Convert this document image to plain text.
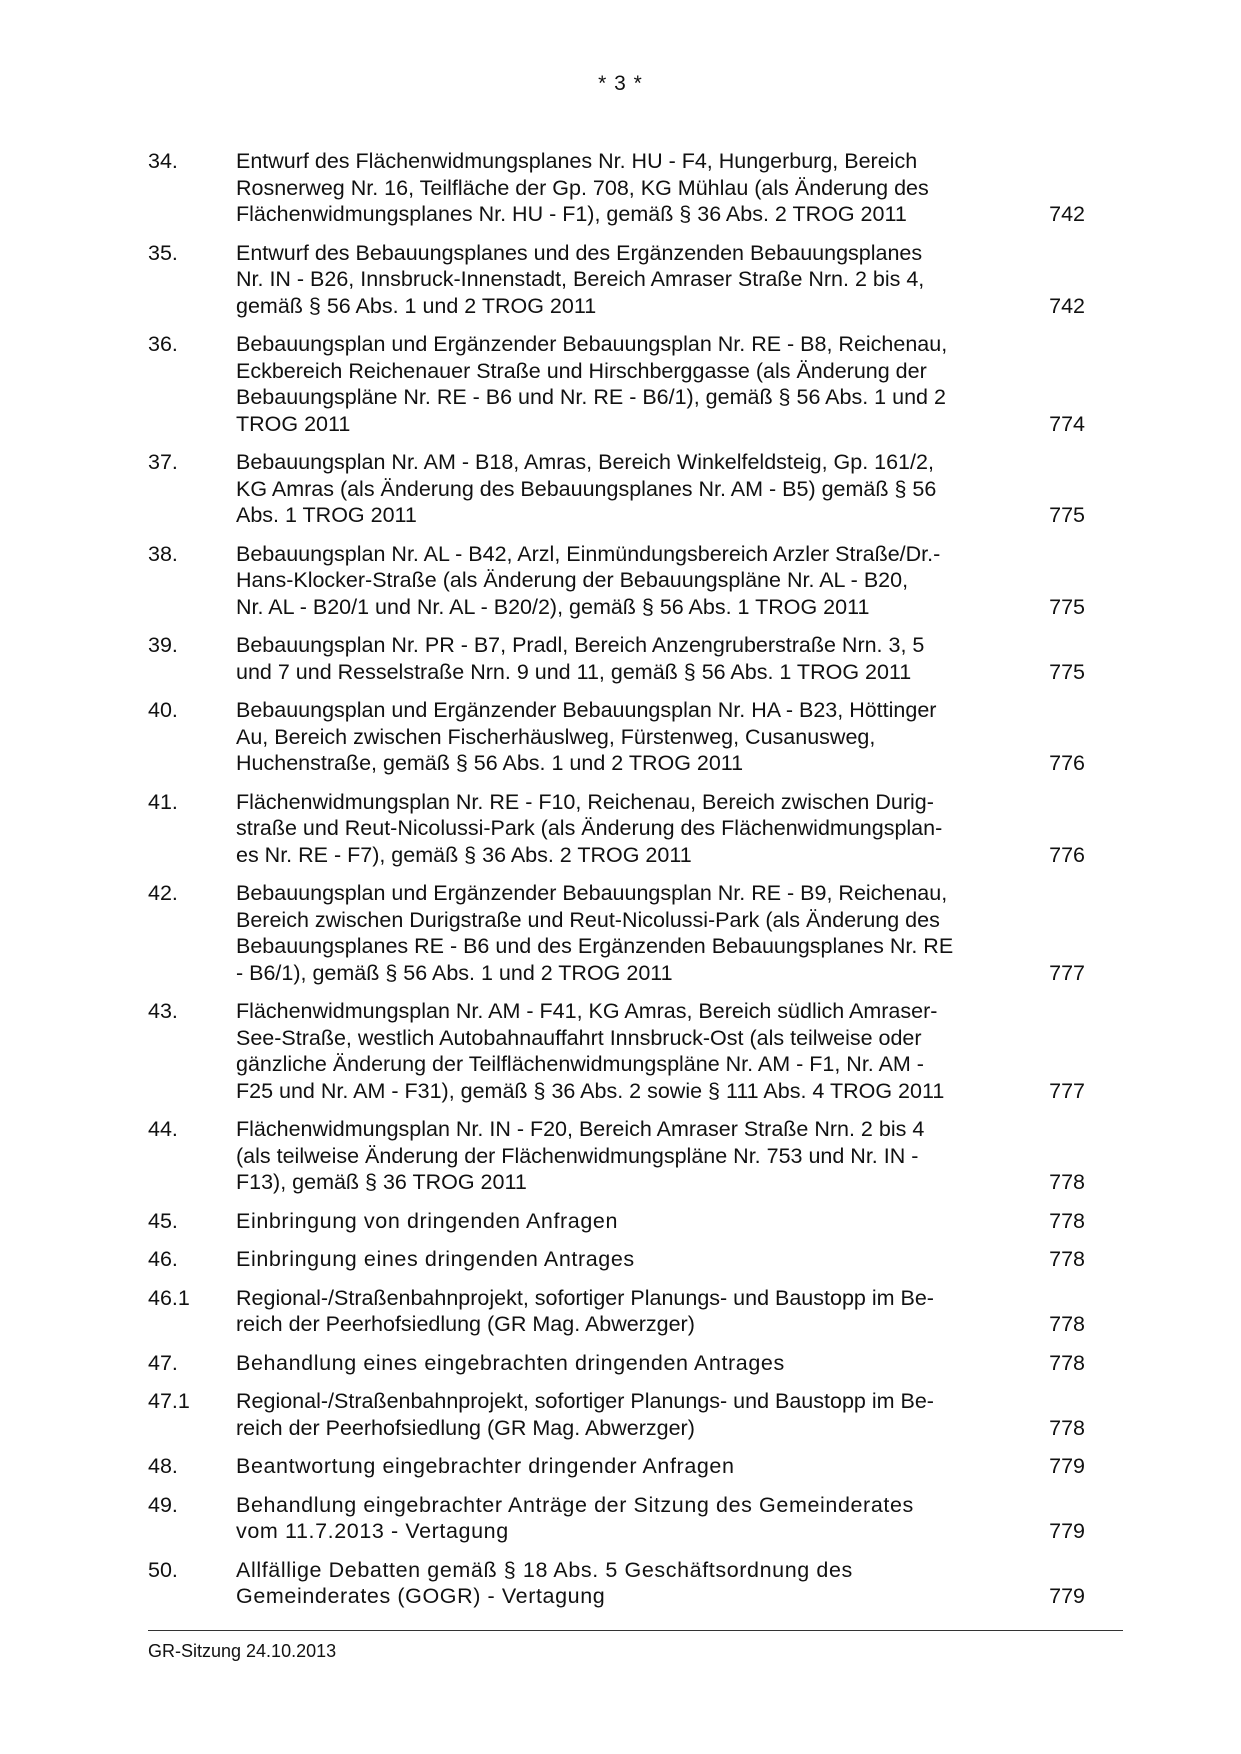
* 3 *
34.	Entwurf des Flächenwidmungsplanes Nr. HU - F4, Hungerburg, Bereich
Rosnerweg Nr. 16, Teilfläche der Gp. 708, KG Mühlau (als Änderung des
Flächenwidmungsplanes Nr. HU - F1), gemäß § 36 Abs. 2 TROG 2011	742
35.	Entwurf des Bebauungsplanes und des Ergänzenden Bebauungsplanes
Nr. IN - B26, Innsbruck-Innenstadt, Bereich Amraser Straße Nrn. 2 bis 4,
gemäß § 56 Abs. 1 und 2 TROG 2011	742
36.	Bebauungsplan und Ergänzender Bebauungsplan Nr. RE - B8, Reichenau,
Eckbereich Reichenauer Straße und Hirschberggasse (als Änderung der
Bebauungspläne Nr. RE - B6 und Nr. RE - B6/1), gemäß § 56 Abs. 1 und 2
TROG 2011	774
37.	Bebauungsplan Nr. AM - B18, Amras, Bereich Winkelfeldsteig, Gp. 161/2,
KG Amras (als Änderung des Bebauungsplanes Nr. AM - B5) gemäß § 56
Abs. 1 TROG 2011	775
38.	Bebauungsplan Nr. AL - B42, Arzl, Einmündungsbereich Arzler Straße/Dr.-
Hans-Klocker-Straße (als Änderung der Bebauungspläne Nr. AL - B20,
Nr. AL - B20/1 und Nr. AL - B20/2), gemäß § 56 Abs. 1 TROG 2011	775
39.	Bebauungsplan Nr. PR - B7, Pradl, Bereich Anzengruberstraße Nrn. 3, 5
und 7 und Resselstraße Nrn. 9 und 11, gemäß § 56 Abs. 1 TROG 2011	775
40.	Bebauungsplan und Ergänzender Bebauungsplan Nr. HA - B23, Höttinger
Au, Bereich zwischen Fischerhäuslweg, Fürstenweg, Cusanusweg,
Huchenstraße, gemäß § 56 Abs. 1 und 2 TROG 2011	776
41.	Flächenwidmungsplan Nr. RE - F10, Reichenau, Bereich zwischen Durig-
straße und Reut-Nicolussi-Park (als Änderung des Flächenwidmungsplan-
es Nr. RE - F7), gemäß § 36 Abs. 2 TROG 2011	776
42.	Bebauungsplan und Ergänzender Bebauungsplan Nr. RE - B9, Reichenau,
Bereich zwischen Durigstraße und Reut-Nicolussi-Park (als Änderung des
Bebauungsplanes RE - B6 und des Ergänzenden Bebauungsplanes Nr. RE
- B6/1), gemäß § 56 Abs. 1 und 2 TROG 2011	777
43.	Flächenwidmungsplan Nr. AM - F41, KG Amras, Bereich südlich Amraser-
See-Straße, westlich Autobahnauffahrt Innsbruck-Ost (als teilweise oder
gänzliche Änderung der Teilflächenwidmungspläne Nr. AM - F1, Nr. AM -
F25 und Nr. AM - F31), gemäß § 36 Abs. 2 sowie § 111 Abs. 4 TROG 2011	777
44.	Flächenwidmungsplan Nr. IN - F20, Bereich Amraser Straße Nrn. 2 bis 4
(als teilweise Änderung der Flächenwidmungspläne Nr. 753 und Nr. IN -
F13), gemäß § 36 TROG 2011	778
45.	Einbringung von dringenden Anfragen	778
46.	Einbringung eines dringenden Antrages	778
46.1	Regional-/Straßenbahnprojekt, sofortiger Planungs- und Baustopp im Be-
reich der Peerhofsiedlung (GR Mag. Abwerzger)	778
47.	Behandlung eines eingebrachten dringenden Antrages	778
47.1	Regional-/Straßenbahnprojekt, sofortiger Planungs- und Baustopp im Be-
reich der Peerhofsiedlung (GR Mag. Abwerzger)	778
48.	Beantwortung eingebrachter dringender Anfragen	779
49.	Behandlung eingebrachter Anträge der Sitzung des Gemeinderates
vom 11.7.2013 - Vertagung	779
50.	Allfällige Debatten gemäß § 18 Abs. 5 Geschäftsordnung des
Gemeinderates (GOGR) - Vertagung	779
GR-Sitzung 24.10.2013
